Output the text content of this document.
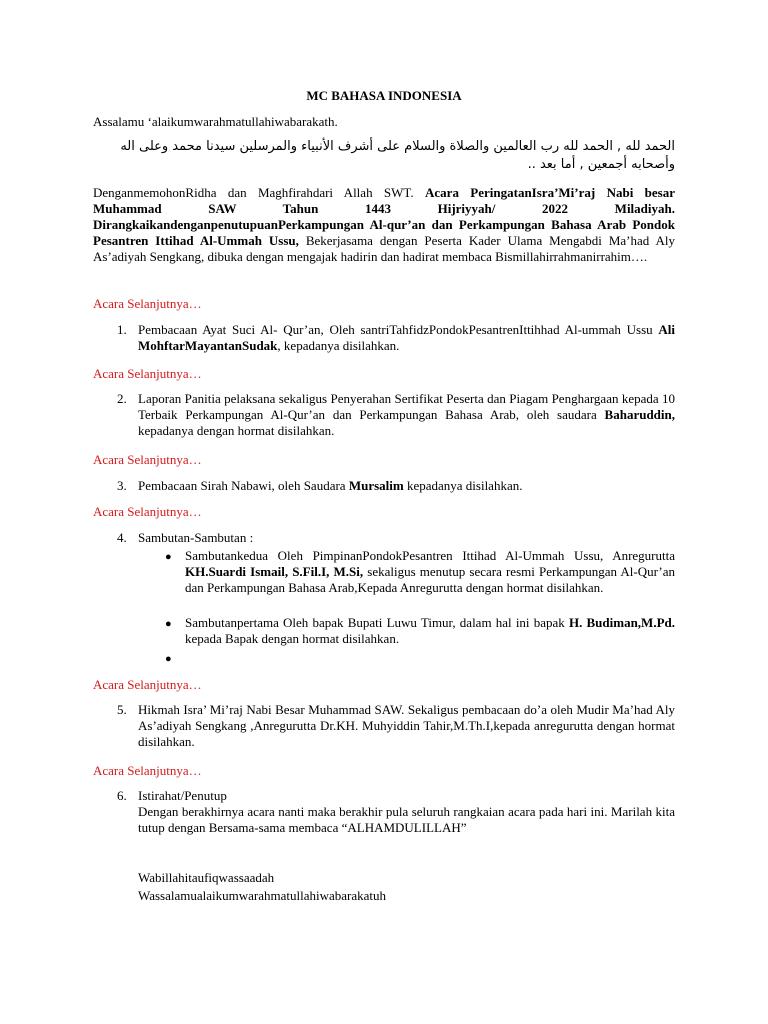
MC BAHASA INDONESIA
Assalamu ‘alaikumwarahmatullahiwabarakath.
الحمد لله , الحمد لله رب العالمين والصلاة والسلام على أشرف الأنبياء والمرسلين سيدنا محمد وعلى اله وأصحابه أجمعين , أما بعد ..
DenganmemohonRidha dan Maghfirahdari Allah SWT. Acara PeringatanIsra’Mi’raj Nabi besar Muhammad SAW Tahun 1443 Hijriyyah/ 2022 Miladiyah. DirangkaikandenganpenutupuanPerkampungan Al-qur’an dan Perkampungan Bahasa Arab Pondok Pesantren Ittihad Al-Ummah Ussu, Bekerjasama dengan Peserta Kader Ulama Mengabdi Ma’had Aly As’adiyah Sengkang, dibuka dengan mengajak hadirin dan hadirat membaca Bismillahirrahmanirrahim….
Acara Selanjutnya…
1. Pembacaan Ayat Suci Al- Qur’an, Oleh santriTahfidzPondokPesantrenIttihhad Al-ummah Ussu Ali MohftarMayantanSudak, kepadanya disilahkan.
Acara Selanjutnya…
2. Laporan Panitia pelaksana sekaligus Penyerahan Sertifikat Peserta dan Piagam Penghargaan kepada 10 Terbaik Perkampungan Al-Qur’an dan Perkampungan Bahasa Arab, oleh saudara Baharuddin, kepadanya dengan hormat disilahkan.
Acara Selanjutnya…
3. Pembacaan Sirah Nabawi, oleh Saudara Mursalim kepadanya disilahkan.
Acara Selanjutnya…
4. Sambutan-Sambutan :
● Sambutankedua Oleh PimpinanPondokPesantren Ittihad Al-Ummah Ussu, Anregurutta KH.Suardi Ismail, S.Fil.I, M.Si, sekaligus menutup secara resmi Perkampungan Al-Qur’an dan Perkampungan Bahasa Arab,Kepada Anregurutta dengan hormat disilahkan.
● Sambutanpertama Oleh bapak Bupati Luwu Timur, dalam hal ini bapak H. Budiman,M.Pd. kepada Bapak dengan hormat disilahkan.
●
Acara Selanjutnya…
5. Hikmah Isra’ Mi’raj Nabi Besar Muhammad SAW. Sekaligus pembacaan do’a oleh Mudir Ma’had Aly As’adiyah Sengkang ,Anregurutta Dr.KH. Muhyiddin Tahir,M.Th.I,kepada anregurutta dengan hormat disilahkan.
Acara Selanjutnya…
6. Istirahat/Penutup
Dengan berakhirnya acara nanti maka berakhir pula seluruh rangkaian acara pada hari ini. Marilah kita tutup dengan Bersama-sama membaca “ALHAMDULILLAH”
Wabillahitaufiqwassaadah
Wassalamualaikumwarahmatullahiwabarakatuh
